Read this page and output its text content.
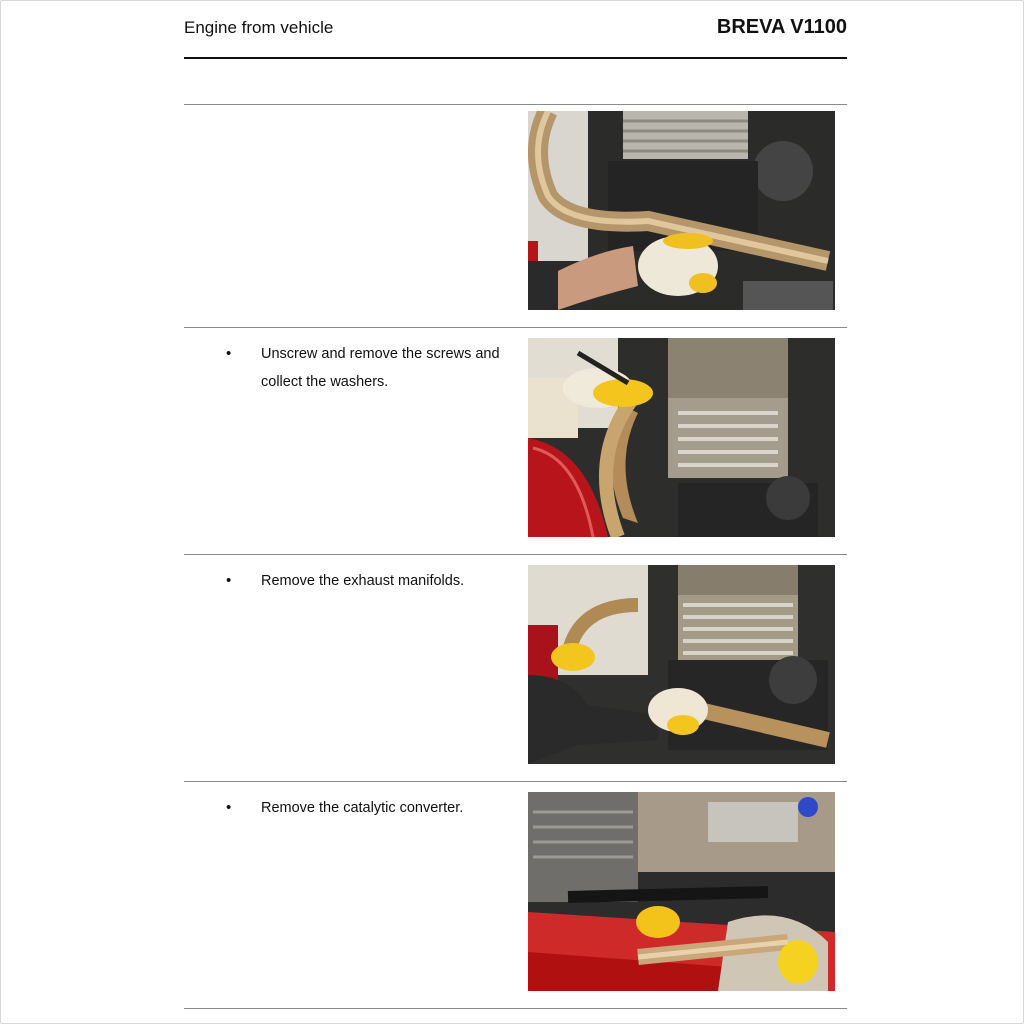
Engine from vehicle	BREVA V1100
• Unscrew and remove the screws and collect the washers.
• Remove the exhaust manifolds.
• Remove the catalytic converter.
